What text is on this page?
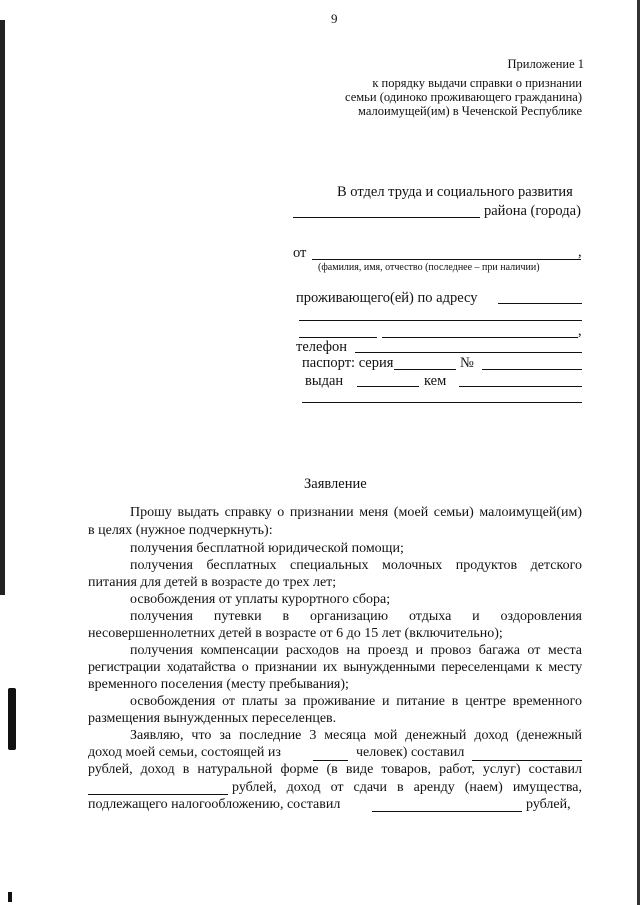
9
Приложение 1
к порядку выдачи справки о признании
семьи (одиноко проживающего гражданина)
малоимущей(им) в Чеченской Республике
В отдел труда и социального развития
района (города)
от	,
(фамилия, имя, отчество (последнее – при наличии)
проживающего(ей) по адресу
,
телефон
паспорт: серия	№
выдан	кем
Заявление
Прошу выдать справку о признании меня (моей семьи) малоимущей(им)
в целях (нужное подчеркнуть):
получения бесплатной юридической помощи;
получения бесплатных специальных молочных продуктов детского
питания для детей в возрасте до трех лет;
освобождения от уплаты курортного сбора;
получения путевки в организацию отдыха и оздоровления
несовершеннолетних детей в возрасте от 6 до 15 лет (включительно);
получения компенсации расходов на проезд и провоз багажа от места
регистрации ходатайства о признании их вынужденными переселенцами к месту
временного поселения (месту пребывания);
освобождения от платы за проживание и питание в центре временного
размещения вынужденных переселенцев.
Заявляю, что за последние 3 месяца мой денежный доход (денежный
доход моей семьи, состоящей из	человек) составил
рублей, доход в натуральной форме (в виде товаров, работ, услуг) составил
рублей, доход от сдачи в аренду (наем) имущества,
подлежащего налогообложению, составил	рублей,
